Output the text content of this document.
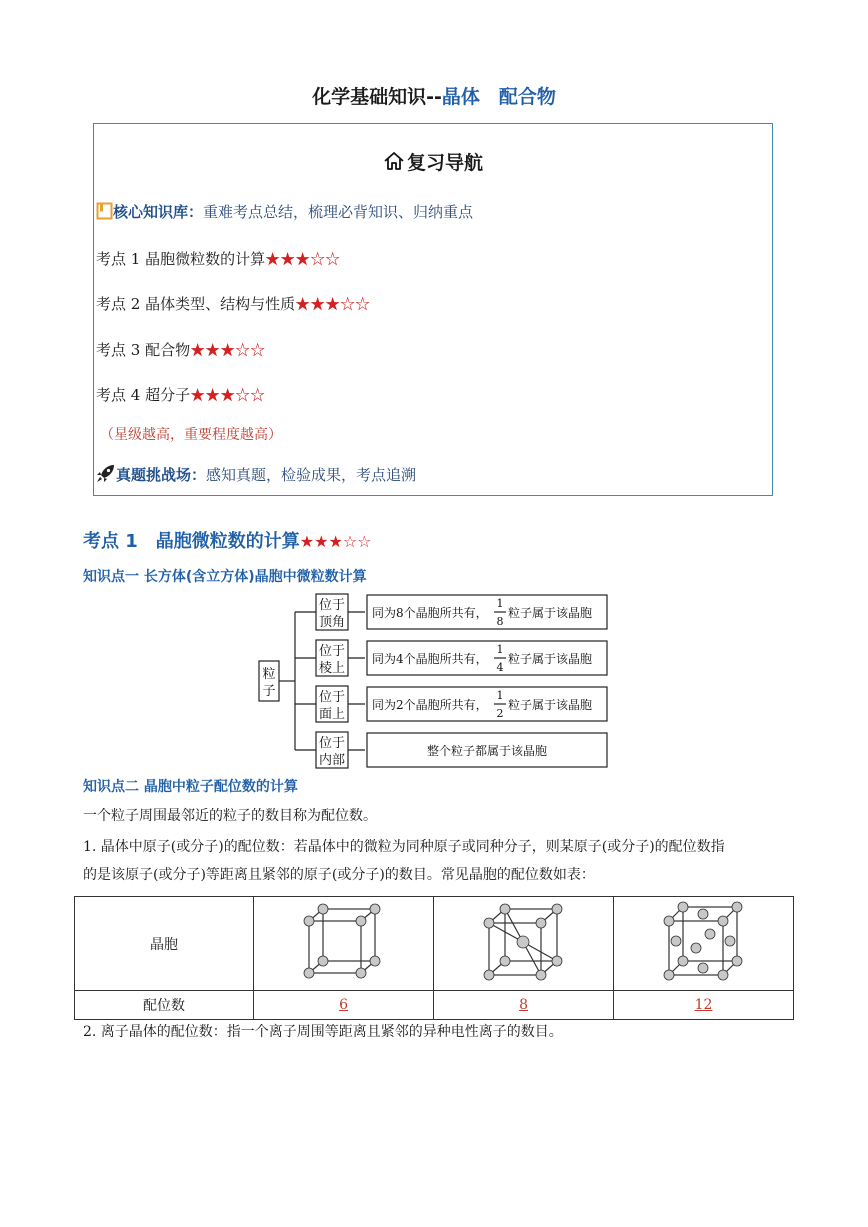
化学基础知识--晶体　配合物
复习导航
核心知识库：重难考点总结，梳理必背知识、归纳重点
考点 1 晶胞微粒数的计算★★★☆☆
考点 2 晶体类型、结构与性质★★★☆☆
考点 3 配合物★★★☆☆
考点 4 超分子★★★☆☆
（星级越高，重要程度越高）
真题挑战场：感知真题，检验成果，考点追溯
考点 1　晶胞微粒数的计算★★★☆☆
知识点一 长方体(含立方体)晶胞中微粒数计算
粒
子
位于
顶角
位于
棱上
位于
面上
位于
内部
同为8个晶胞所共有，
1
8
粒子属于该晶胞
同为4个晶胞所共有，
1
4
粒子属于该晶胞
同为2个晶胞所共有，
1
2
粒子属于该晶胞
整个粒子都属于该晶胞
知识点二 晶胞中粒子配位数的计算
一个粒子周围最邻近的粒子的数目称为配位数。
1. 晶体中原子(或分子)的配位数：若晶体中的微粒为同种原子或同种分子，则某原子(或分子)的配位数指
的是该原子(或分子)等距离且紧邻的原子(或分子)的数目。常见晶胞的配位数如表：
晶胞			
配位数	6	8	12
2. 离子晶体的配位数：指一个离子周围等距离且紧邻的异种电性离子的数目。
